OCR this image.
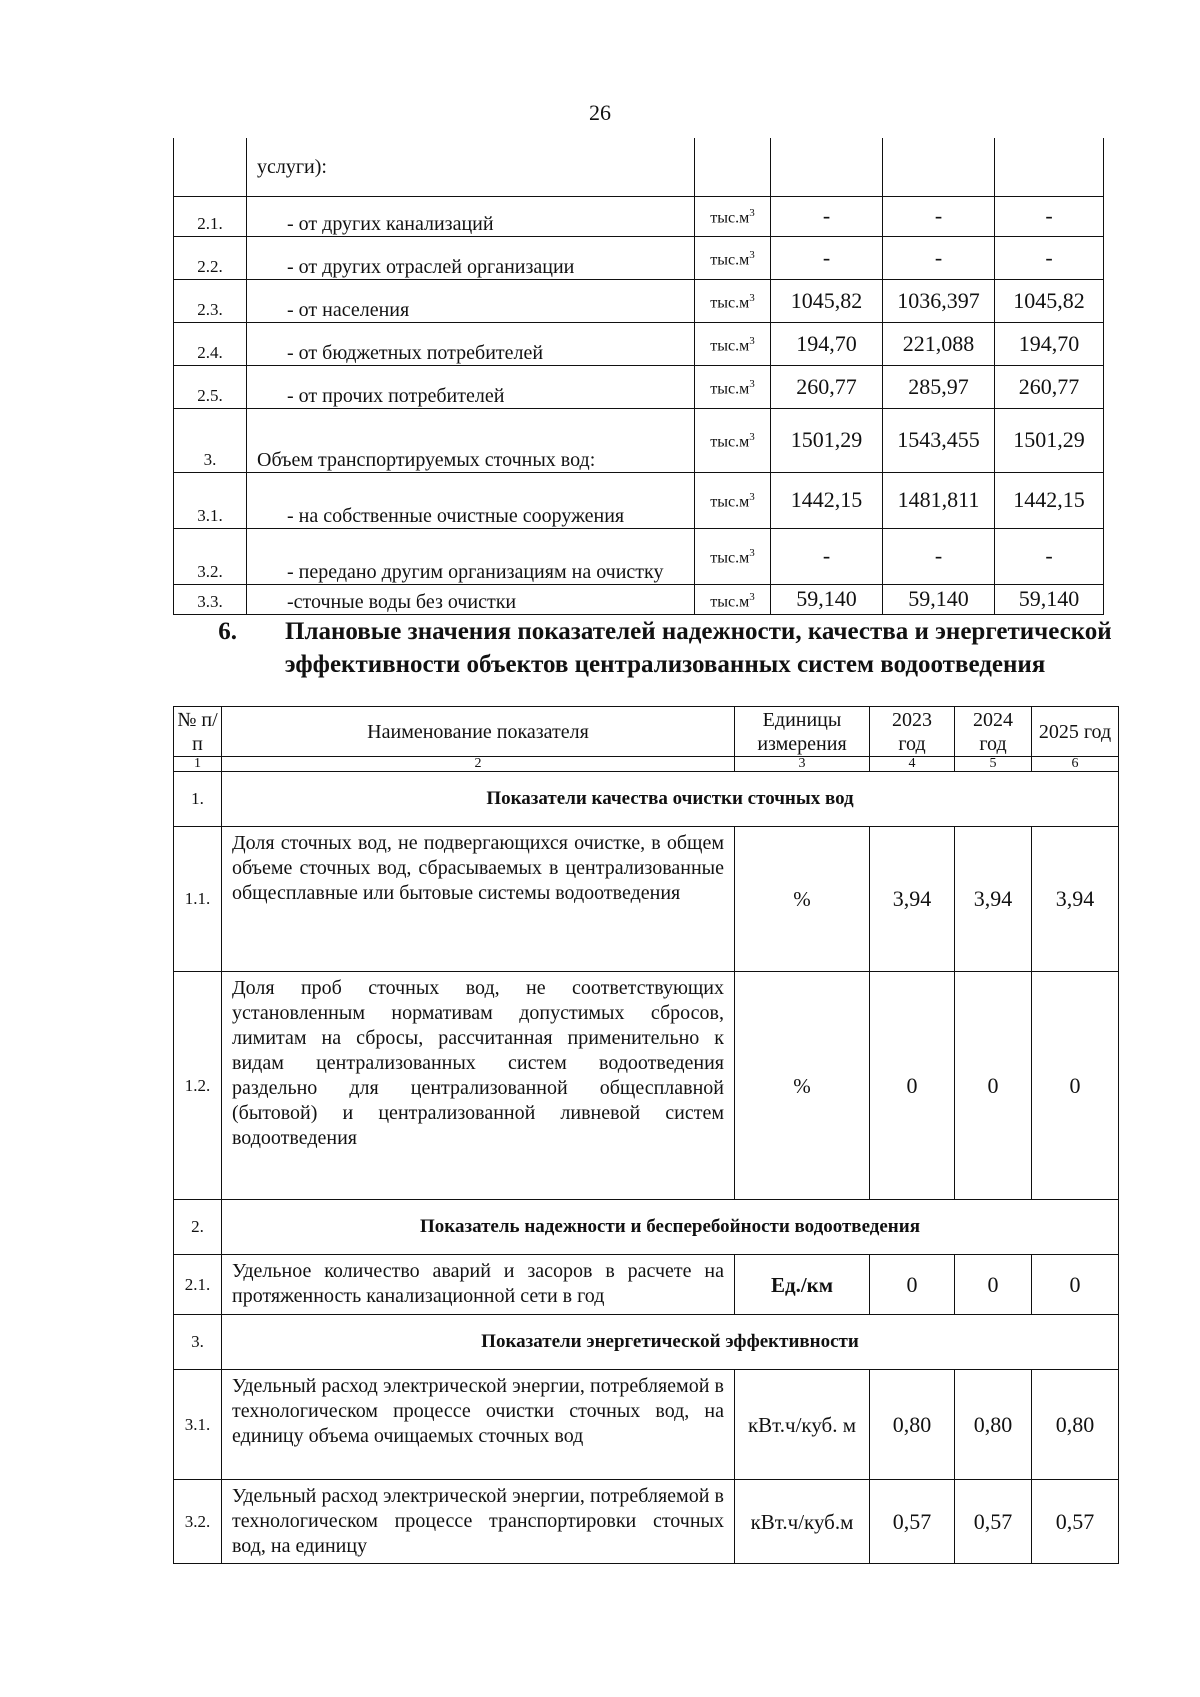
26
	услуги):				
2.1.	- от других канализаций	$тыс.м^3$	-	-	-
2.2.	- от других отраслей организации	$тыс.м^3$	-	-	-
2.3.	- от населения	$тыс.м^3$	1045,82	1036,397	1045,82
2.4.	- от бюджетных потребителей	$тыс.м^3$	194,70	221,088	194,70
2.5.	- от прочих потребителей	$тыс.м^3$	260,77	285,97	260,77
3.	Объем транспортируемых сточных вод:	$тыс.м^3$	1501,29	1543,455	1501,29
3.1.	- на собственные очистные сооружения	$тыс.м^3$	1442,15	1481,811	1442,15
3.2.	- передано другим организациям на очистку	$тыс.м^3$	-	-	-
3.3.	-сточные воды без очистки	$тыс.м^3$	59,140	59,140	59,140
6. Плановые значения показателей надежности, качества и энергетической эффективности объектов централизованных систем водоотведения
№ п/п	Наименование показателя	Единицы измерения	2023 год	2024 год	2025 год
1	2	3	4	5	6
1.	Показатели качества очистки сточных вод				
1.1.	Доля сточных вод, не подвергающихся очистке, в общем объеме сточных вод, сбрасываемых в централизованные общесплавные или бытовые системы водоотведения	%	3,94	3,94	3,94
1.2.	Доля проб сточных вод, не соответствующих установленным нормативам допустимых сбросов, лимитам на сбросы, рассчитанная применительно к видам централизованных систем водоотведения раздельно для централизованной общесплавной (бытовой) и централизованной ливневой систем водоотведения	%	0	0	0
2.	Показатель надежности и бесперебойности водоотведения				
2.1.	Удельное количество аварий и засоров в расчете на протяженность канализационной сети в год	Ед./км	0	0	0
3.	Показатели энергетической эффективности				
3.1.	Удельный расход электрической энергии, потребляемой в технологическом процессе очистки сточных вод, на единицу объема очищаемых сточных вод	кВт.ч/куб. м	0,80	0,80	0,80
3.2.	Удельный расход электрической энергии, потребляемой в технологическом процессе транспортировки сточных вод, на единицу	кВт.ч/куб.м	0,57	0,57	0,57
